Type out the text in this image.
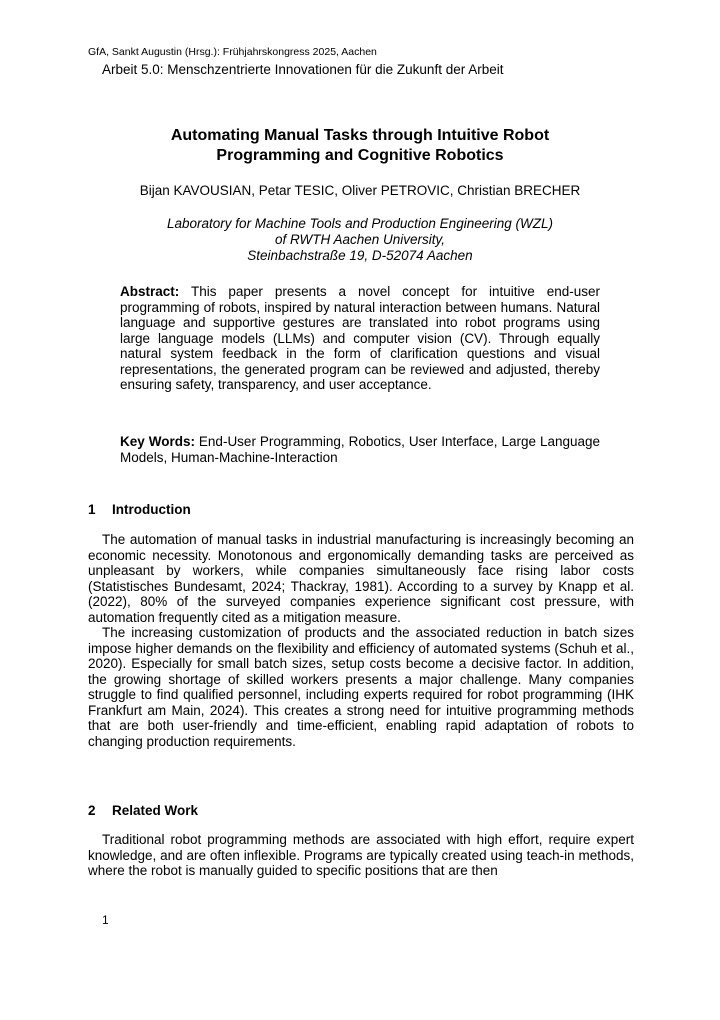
GfA, Sankt Augustin (Hrsg.): Frühjahrskongress 2025, Aachen
Arbeit 5.0: Menschzentrierte Innovationen für die Zukunft der Arbeit
Automating Manual Tasks through Intuitive Robot
Programming and Cognitive Robotics
Bijan KAVOUSIAN, Petar TESIC, Oliver PETROVIC, Christian BRECHER
Laboratory for Machine Tools and Production Engineering (WZL)
of RWTH Aachen University,
Steinbachstraße 19, D-52074 Aachen
Abstract: This paper presents a novel concept for intuitive end-user programming of robots, inspired by natural interaction between humans. Natural language and supportive gestures are translated into robot programs using large language models (LLMs) and computer vision (CV). Through equally natural system feedback in the form of clarification questions and visual representations, the generated program can be reviewed and adjusted, thereby ensuring safety, transparency, and user acceptance.
Key Words: End-User Programming, Robotics, User Interface, Large Language Models, Human-Machine-Interaction
1 Introduction

The automation of manual tasks in industrial manufacturing is increasingly becoming an economic necessity. Monotonous and ergonomically demanding tasks are perceived as unpleasant by workers, while companies simultaneously face rising labor costs (Statistisches Bundesamt, 2024; Thackray, 1981). According to a survey by Knapp et al. (2022), 80% of the surveyed companies experience significant cost pressure, with automation frequently cited as a mitigation measure.

The increasing customization of products and the associated reduction in batch sizes impose higher demands on the flexibility and efficiency of automated systems (Schuh et al., 2020). Especially for small batch sizes, setup costs become a decisive factor. In addition, the growing shortage of skilled workers presents a major challenge. Many companies struggle to find qualified personnel, including experts required for robot programming (IHK Frankfurt am Main, 2024). This creates a strong need for intuitive programming methods that are both user-friendly and time-efficient, enabling rapid adaptation of robots to changing production requirements.

2 Related Work

Traditional robot programming methods are associated with high effort, require expert knowledge, and are often inflexible. Programs are typically created using teach-in methods, where the robot is manually guided to specific positions that are then

1
